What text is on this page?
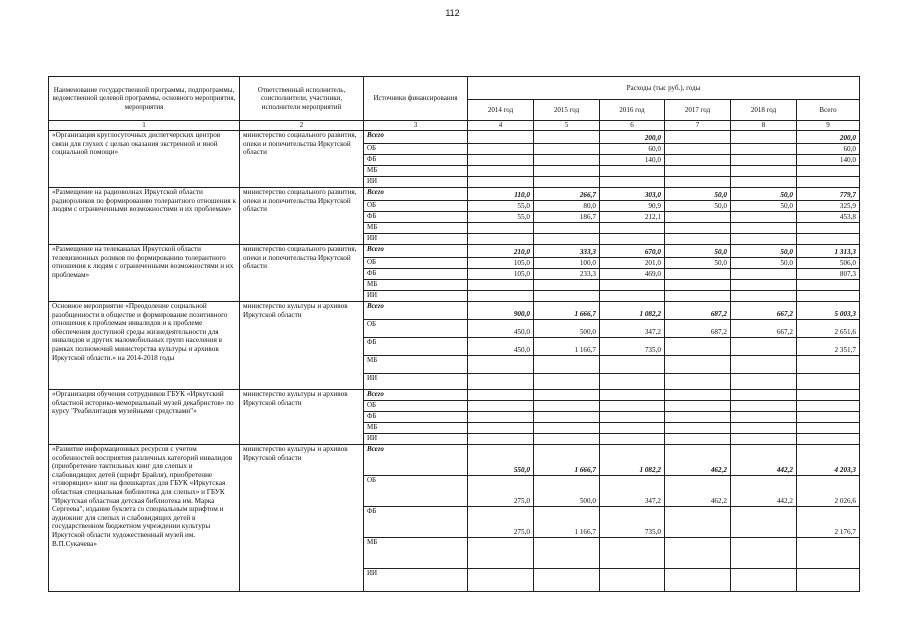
112
Наименование государственной программы, подпрограммы, ведомственной целевой программы, основного мероприятия, мероприятия	Ответственный исполнитель, соисполнители, участники, исполнители мероприятий	Источники финансирования	Расходы (тыс руб.), годы					
			2014 год	2015 год	2016 год	2017 год	2018 год	Всего
1	2	3	4	5	6	7	8	9
«Организация круглосуточных диспетчерских центров связи для глухих с целью оказания экстренной и иной социальной помощи»	министерство социального развития, опеки и попечительства Иркутской области	Всего			200,0			200,0
		ОБ			60,0			60,0
		ФБ			140,0			140,0
		МБ						
		ИИ						
«Размещение на радиоволнах Иркутской области радиороликов по формированию толерантного отношения к людям с ограниченными возможностями и их проблемам»	министерство социального развития, опеки и попечительства Иркутской области	Всего	110,0	266,7	303,0	50,0	50,0	779,7
		ОБ	55,0	80,0	90,9	50,0	50,0	325,9
		ФБ	55,0	186,7	212,1			453,8
		МБ						
		ИИ						
«Размещение на телеканалах Иркутской области телевизионных роликов по формированию толерантного отношения к людям с ограниченными возможностями и их проблемам»	министерство социального развития, опеки и попечительства Иркутской области	Всего	210,0	333,3	670,0	50,0	50,0	1 313,3
		ОБ	105,0	100,0	201,0	50,0	50,0	506,0
		ФБ	105,0	233,3	469,0			807,3
		МБ						
		ИИ						
Основное мероприятие «Преодоление социальной разобщенности в обществе и формирование позитивного отношения к проблемам инвалидов и к проблеме обеспечения доступной среды жизнедеятельности для инвалидов и других маломобильных групп населения в рамках полномочий министерства культуры и архивов Иркутской области.» на 2014-2018 годы	министерство культуры и архивов Иркутской области	Всего	900,0	1 666,7	1 082,2	687,2	667,2	5 003,3
		ОБ	450,0	500,0	347,2	687,2	667,2	2 651,6
		ФБ	450,0	1 166,7	735,0			2 351,7
		МБ						
		ИИ						
«Организация обучения сотрудников ГБУК «Иркутский областной историко-мемориальный музей декабристов» по курсу "Реабилитация музейными средствами"»	министерство культуры и архивов Иркутской области	Всего						
		ОБ						
		ФБ						
		МБ						
		ИИ						
«Развитие информационных ресурсов с учетом особенностей восприятия различных категорий инвалидов (приобретение тактильных книг для слепых и слабовидящих детей (шрифт Брайля), приобретение «говорящих» книг на флешкартах для ГБУК «Иркутская областная специальная библиотека для слепых» и ГБУК "Иркутская областная детская библиотека им. Марка Сергеева", издание буклета со специальным шрифтом и аудиокниг для слепых и слабовидящих детей в государственном бюджетном учреждении культуры Иркутской области художественный музей им. В.П.Сукачева»	министерство культуры и архивов Иркутской области	Всего	550,0	1 666,7	1 082,2	462,2	442,2	4 203,3
		ОБ	275,0	500,0	347,2	462,2	442,2	2 026,6
		ФБ	275,0	1 166,7	735,0			2 176,7
		МБ						
		ИИ						
